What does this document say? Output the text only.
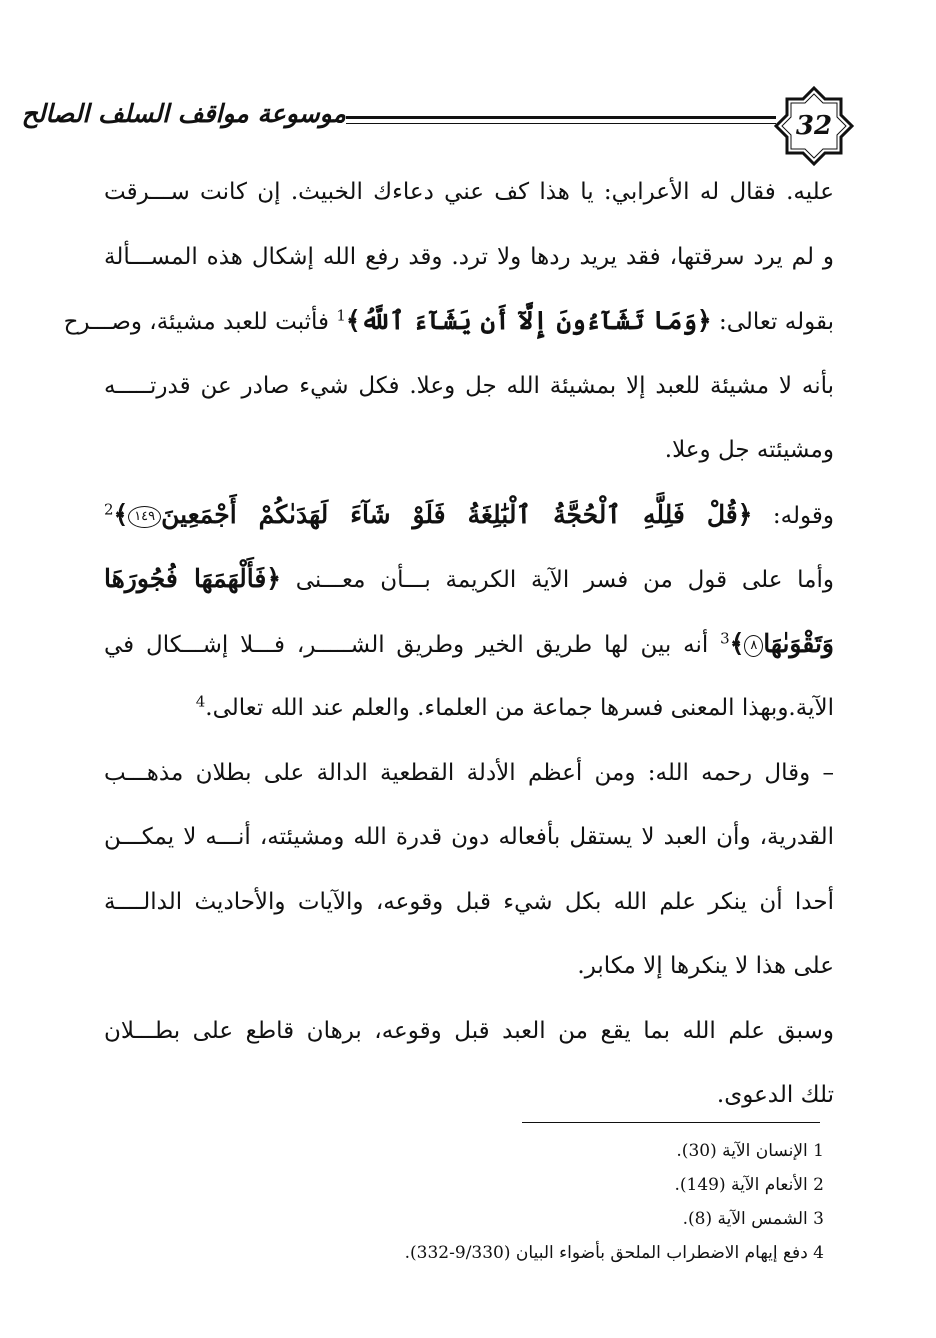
موسوعة مواقف السلف الصالح	32
عليه. فقال له الأعرابي: يا هذا كف عني دعاءك الخبيث. إن كانت ســـرقت
و لم يرد سرقتها، فقد يريد ردها ولا ترد. وقد رفع الله إشكال هذه المســـألة
بقوله تعالى: ﴿وَمَا تَشَآءُونَ إِلَّآ أَن يَشَآءَ ٱللَّهُ﴾$^1$ فأثبت للعبد مشيئة، وصـــرح
بأنه لا مشيئة للعبد إلا بمشيئة الله جل وعلا. فكل شيء صادر عن قدرتـــــه
ومشيئته جل وعلا.
وقوله: ﴿قُلْ فَلِلَّهِ ٱلْحُجَّةُ ٱلْبَٰلِغَةُ فَلَوْ شَآءَ لَهَدَىٰكُمْ أَجْمَعِينَ١٤٩﴾$^2$
وأما على قول من فسر الآية الكريمة بـــأن معـــنى ﴿فَأَلْهَمَهَا فُجُورَهَا
وَتَقْوَىٰهَا٨﴾$^3$ أنه بين لها طريق الخير وطريق الشـــــر، فـــلا إشـــكال في
الآية.وبهذا المعنى فسرها جماعة من العلماء. والعلم عند الله تعالى.$^4$
– وقال رحمه الله: ومن أعظم الأدلة القطعية الدالة على بطلان مذهـــب
القدرية، وأن العبد لا يستقل بأفعاله دون قدرة الله ومشيئته، أنـــه لا يمكـــن
أحدا أن ينكر علم الله بكل شيء قبل وقوعه، والآيات والأحاديث الدالــــة
على هذا لا ينكرها إلا مكابر.
وسبق علم الله بما يقع من العبد قبل وقوعه، برهان قاطع على بطـــلان
تلك الدعوى.
1 الإنسان الآية (30).
2 الأنعام الآية (149).
3 الشمس الآية (8).
4 دفع إيهام الاضطراب الملحق بأضواء البيان (9/330-332).
